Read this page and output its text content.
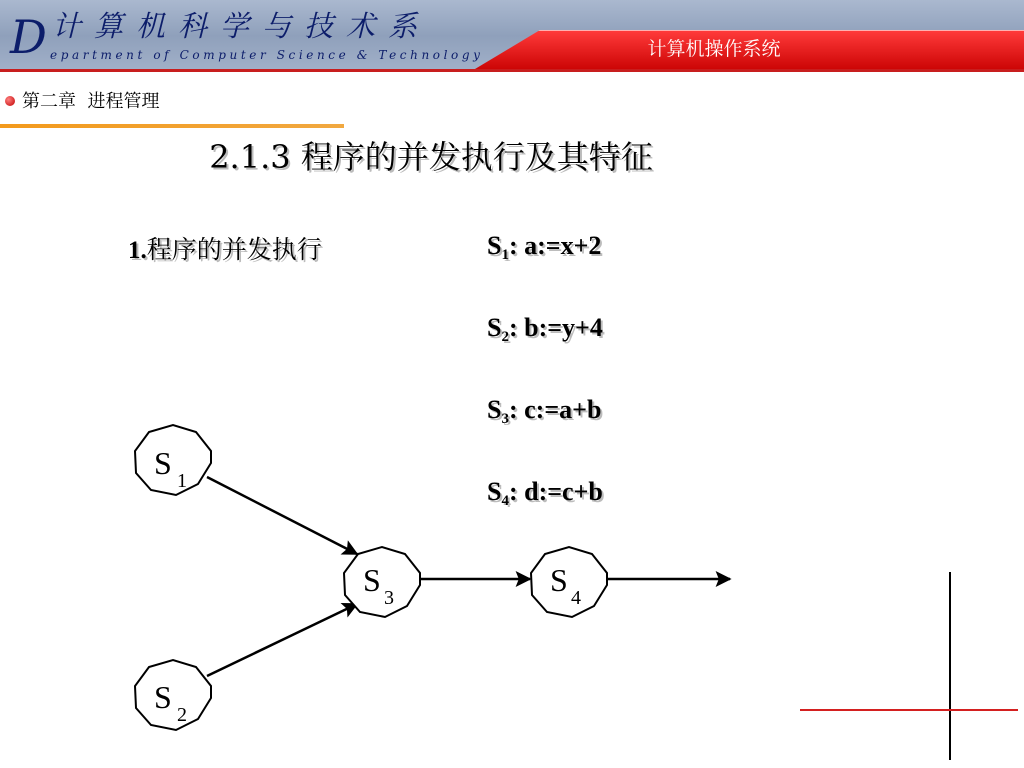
D 计算机科学与技术系
epartment of Computer Science & Technology	计算机操作系统
第二章  进程管理
2.1.3 程序的并发执行及其特征
1.程序的并发执行	$S_1$: a:=x+2
$S_2$: b:=y+4
$S_3$: c:=a+b
$S_4$: d:=c+b
S 1
S 2
S 3	S 4
